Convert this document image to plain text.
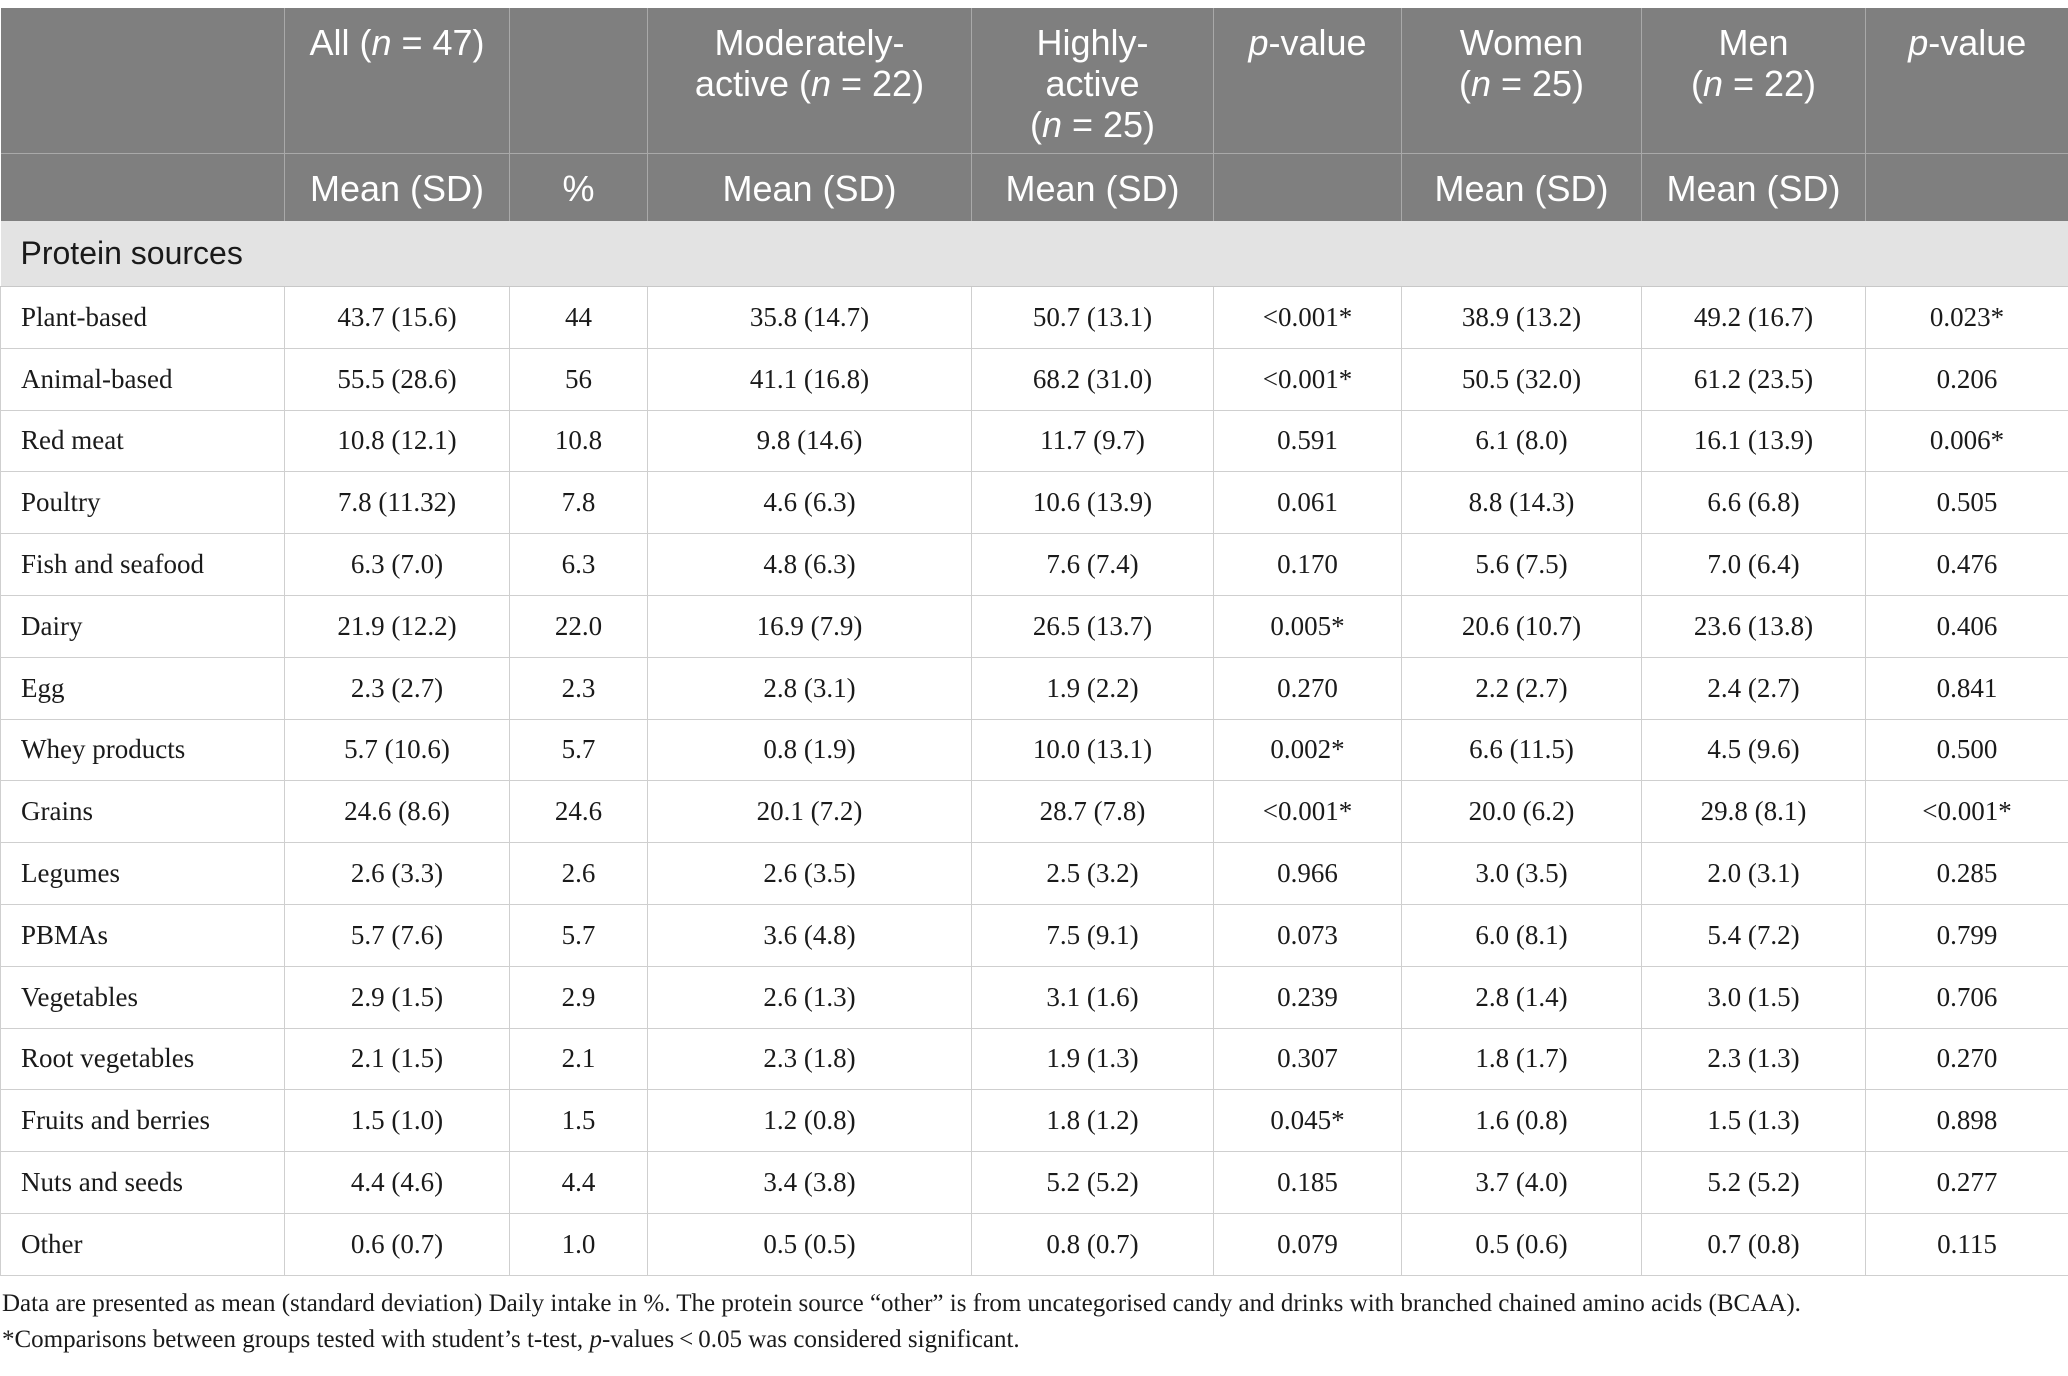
	All (n = 47)		Moderately-
active (n = 22)	Highly-
active
(n = 25)	p-value	Women
(n = 25)	Men
(n = 22)	p-value
	Mean (SD)	%	Mean (SD)	Mean (SD)		Mean (SD)	Mean (SD)	
Protein sources								
Plant-based	43.7 (15.6)	44	35.8 (14.7)	50.7 (13.1)	<0.001*	38.9 (13.2)	49.2 (16.7)	0.023*
Animal-based	55.5 (28.6)	56	41.1 (16.8)	68.2 (31.0)	<0.001*	50.5 (32.0)	61.2 (23.5)	0.206
Red meat	10.8 (12.1)	10.8	9.8 (14.6)	11.7 (9.7)	0.591	6.1 (8.0)	16.1 (13.9)	0.006*
Poultry	7.8 (11.32)	7.8	4.6 (6.3)	10.6 (13.9)	0.061	8.8 (14.3)	6.6 (6.8)	0.505
Fish and seafood	6.3 (7.0)	6.3	4.8 (6.3)	7.6 (7.4)	0.170	5.6 (7.5)	7.0 (6.4)	0.476
Dairy	21.9 (12.2)	22.0	16.9 (7.9)	26.5 (13.7)	0.005*	20.6 (10.7)	23.6 (13.8)	0.406
Egg	2.3 (2.7)	2.3	2.8 (3.1)	1.9 (2.2)	0.270	2.2 (2.7)	2.4 (2.7)	0.841
Whey products	5.7 (10.6)	5.7	0.8 (1.9)	10.0 (13.1)	0.002*	6.6 (11.5)	4.5 (9.6)	0.500
Grains	24.6 (8.6)	24.6	20.1 (7.2)	28.7 (7.8)	<0.001*	20.0 (6.2)	29.8 (8.1)	<0.001*
Legumes	2.6 (3.3)	2.6	2.6 (3.5)	2.5 (3.2)	0.966	3.0 (3.5)	2.0 (3.1)	0.285
PBMAs	5.7 (7.6)	5.7	3.6 (4.8)	7.5 (9.1)	0.073	6.0 (8.1)	5.4 (7.2)	0.799
Vegetables	2.9 (1.5)	2.9	2.6 (1.3)	3.1 (1.6)	0.239	2.8 (1.4)	3.0 (1.5)	0.706
Root vegetables	2.1 (1.5)	2.1	2.3 (1.8)	1.9 (1.3)	0.307	1.8 (1.7)	2.3 (1.3)	0.270
Fruits and berries	1.5 (1.0)	1.5	1.2 (0.8)	1.8 (1.2)	0.045*	1.6 (0.8)	1.5 (1.3)	0.898
Nuts and seeds	4.4 (4.6)	4.4	3.4 (3.8)	5.2 (5.2)	0.185	3.7 (4.0)	5.2 (5.2)	0.277
Other	0.6 (0.7)	1.0	0.5 (0.5)	0.8 (0.7)	0.079	0.5 (0.6)	0.7 (0.8)	0.115
Data are presented as mean (standard deviation) Daily intake in %. The protein source “other” is from uncategorised candy and drinks with branched chained amino acids (BCAA).
*Comparisons between groups tested with student’s t-test, p-values < 0.05 was considered significant.
